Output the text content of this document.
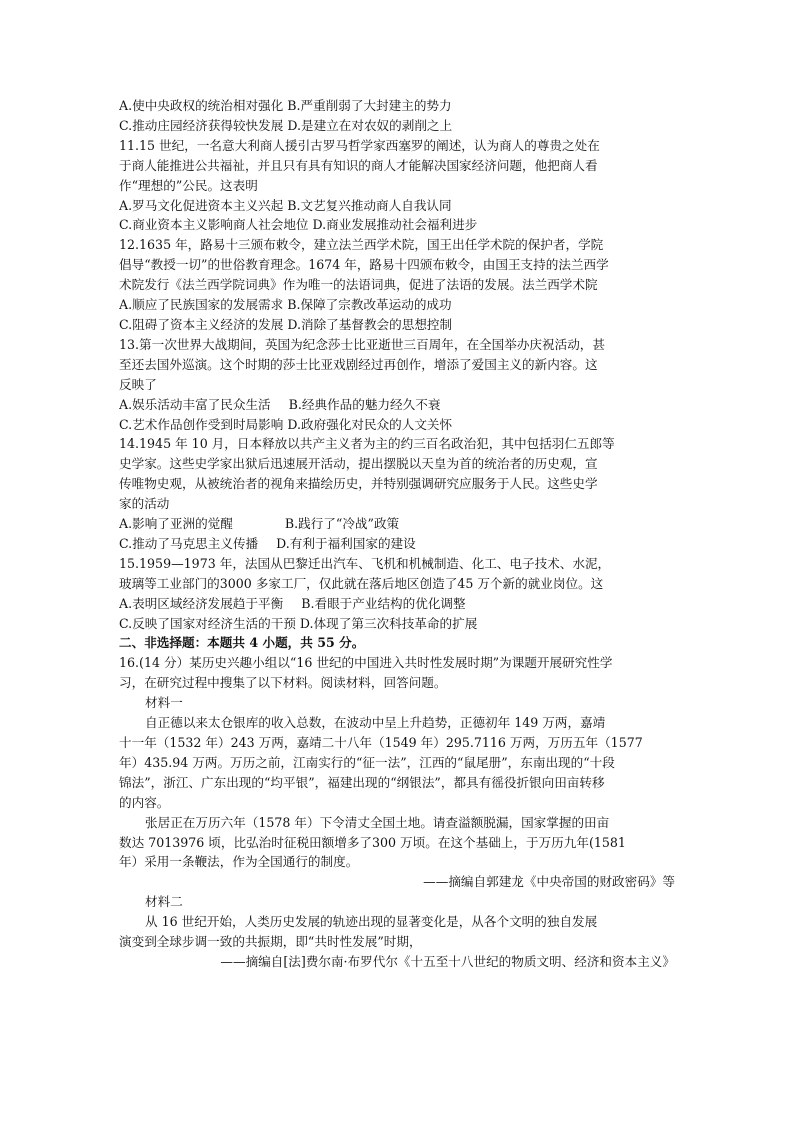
A.使中央政权的统治相对强化 B.严重削弱了大封建主的势力
C.推动庄园经济获得较快发展 D.是建立在对农奴的剥削之上
11.15 世纪，一名意大利商人援引古罗马哲学家西塞罗的阐述，认为商人的尊贵之处在
于商人能推进公共福祉，并且只有具有知识的商人才能解决国家经济问题，他把商人看
作“理想的”公民。这表明
A.罗马文化促进资本主义兴起 B.文艺复兴推动商人自我认同
C.商业资本主义影响商人社会地位 D.商业发展推动社会福利进步
12.1635 年，路易十三颁布敕令，建立法兰西学术院，国王出任学术院的保护者，学院
倡导“教授一切”的世俗教育理念。1674 年，路易十四颁布敕令，由国王支持的法兰西学
术院发行《法兰西学院词典》作为唯一的法语词典，促进了法语的发展。法兰西学术院
A.顺应了民族国家的发展需求 B.保障了宗教改革运动的成功
C.阻碍了资本主义经济的发展 D.消除了基督教会的思想控制
13.第一次世界大战期间，英国为纪念莎士比亚逝世三百周年，在全国举办庆祝活动，甚
至还去国外巡演。这个时期的莎士比亚戏剧经过再创作，增添了爱国主义的新内容。这
反映了
A.娱乐活动丰富了民众生活 B.经典作品的魅力经久不衰
C.艺术作品创作受到时局影响 D.政府强化对民众的人文关怀
14.1945 年 10 月，日本释放以共产主义者为主的约三百名政治犯，其中包括羽仁五郎等
史学家。这些史学家出狱后迅速展开活动，提出摆脱以天皇为首的统治者的历史观，宣
传唯物史观，从被统治者的视角来描绘历史，并特别强调研究应服务于人民。这些史学
家的活动
A.影响了亚洲的觉醒	B.践行了“冷战”政策
C.推动了马克思主义传播 D.有利于福利国家的建设
15.1959—1973 年，法国从巴黎迁出汽车、飞机和机械制造、化工、电子技术、水泥，
玻璃等工业部门的3000 多家工厂，仅此就在落后地区创造了45 万个新的就业岗位。这
A.表明区域经济发展趋于平衡 B.看眼于产业结构的优化调整
C.反映了国家对经济生活的干预 D.体现了第三次科技革命的扩展
二、非选择题：本题共 4 小题，共 55 分。
16.(14 分）某历史兴趣小组以“16 世纪的中国进入共时性发展时期”为课题开展研究性学
习，在研究过程中搜集了以下材料。阅读材料，回答问题。
材料一
自正德以来太仓银库的收入总数，在波动中呈上升趋势，正德初年 149 万两，嘉靖
十一年（1532 年）243 万两，嘉靖二十八年（1549 年）295.7116 万两，万历五年（1577
年）435.94 万两。万历之前，江南实行的“征一法”，江西的“鼠尾册”，东南出现的“十段
锦法”，浙江、广东出现的“均平银”，福建出现的“纲银法”，都具有徭役折银向田亩转移
的内容。
张居正在万历六年（1578 年）下令清丈全国土地。请查溢额脱漏，国家掌握的田亩
数达 7013976 顷，比弘治时征税田额增多了300 万顷。在这个基础上，于万历九年(1581
年）采用一条鞭法，作为全国通行的制度。
——摘编自郭建龙《中央帝国的财政密码》等
材料二
从 16 世纪开始，人类历史发展的轨迹出现的显著变化是，从各个文明的独自发展
演变到全球步调一致的共振期，即“共时性发展”时期，
——摘编自[法]费尔南·布罗代尔《十五至十八世纪的物质文明、经济和资本主义》
